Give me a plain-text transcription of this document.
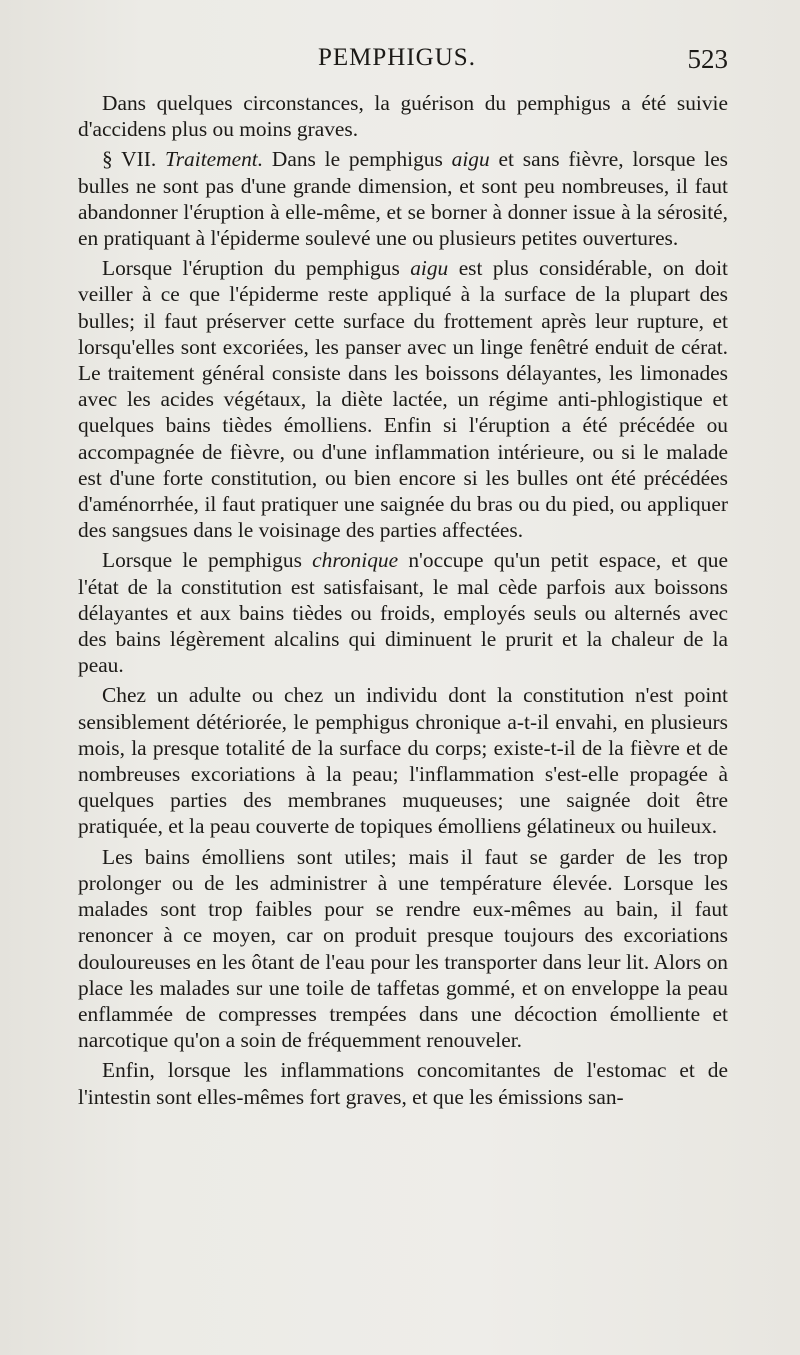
PEMPHIGUS.	523

Dans quelques circonstances, la guérison du pemphigus a été suivie d'accidens plus ou moins graves.

§ VII. Traitement. Dans le pemphigus aigu et sans fièvre, lorsque les bulles ne sont pas d'une grande dimension, et sont peu nombreuses, il faut abandonner l'éruption à elle-même, et se borner à donner issue à la sérosité, en pratiquant à l'épiderme soulevé une ou plusieurs petites ouvertures.

Lorsque l'éruption du pemphigus aigu est plus considérable, on doit veiller à ce que l'épiderme reste appliqué à la surface de la plupart des bulles; il faut préserver cette surface du frottement après leur rupture, et lorsqu'elles sont excoriées, les panser avec un linge fenêtré enduit de cérat. Le traitement général consiste dans les boissons délayantes, les limonades avec les acides végétaux, la diète lactée, un régime anti-phlogistique et quelques bains tièdes émolliens. Enfin si l'éruption a été précédée ou accompagnée de fièvre, ou d'une inflammation intérieure, ou si le malade est d'une forte constitution, ou bien encore si les bulles ont été précédées d'aménorrhée, il faut pratiquer une saignée du bras ou du pied, ou appliquer des sangsues dans le voisinage des parties affectées.

Lorsque le pemphigus chronique n'occupe qu'un petit espace, et que l'état de la constitution est satisfaisant, le mal cède parfois aux boissons délayantes et aux bains tièdes ou froids, employés seuls ou alternés avec des bains légèrement alcalins qui diminuent le prurit et la chaleur de la peau.

Chez un adulte ou chez un individu dont la constitution n'est point sensiblement détériorée, le pemphigus chronique a-t-il envahi, en plusieurs mois, la presque totalité de la surface du corps; existe-t-il de la fièvre et de nombreuses excoriations à la peau; l'inflammation s'est-elle propagée à quelques parties des membranes muqueuses; une saignée doit être pratiquée, et la peau couverte de topiques émolliens gélatineux ou huileux.

Les bains émolliens sont utiles; mais il faut se garder de les trop prolonger ou de les administrer à une température élevée. Lorsque les malades sont trop faibles pour se rendre eux-mêmes au bain, il faut renoncer à ce moyen, car on produit presque toujours des excoriations douloureuses en les ôtant de l'eau pour les transporter dans leur lit. Alors on place les malades sur une toile de taffetas gommé, et on enveloppe la peau enflammée de compresses trempées dans une décoction émolliente et narcotique qu'on a soin de fréquemment renouveler.

Enfin, lorsque les inflammations concomitantes de l'estomac et de l'intestin sont elles-mêmes fort graves, et que les émissions san-
